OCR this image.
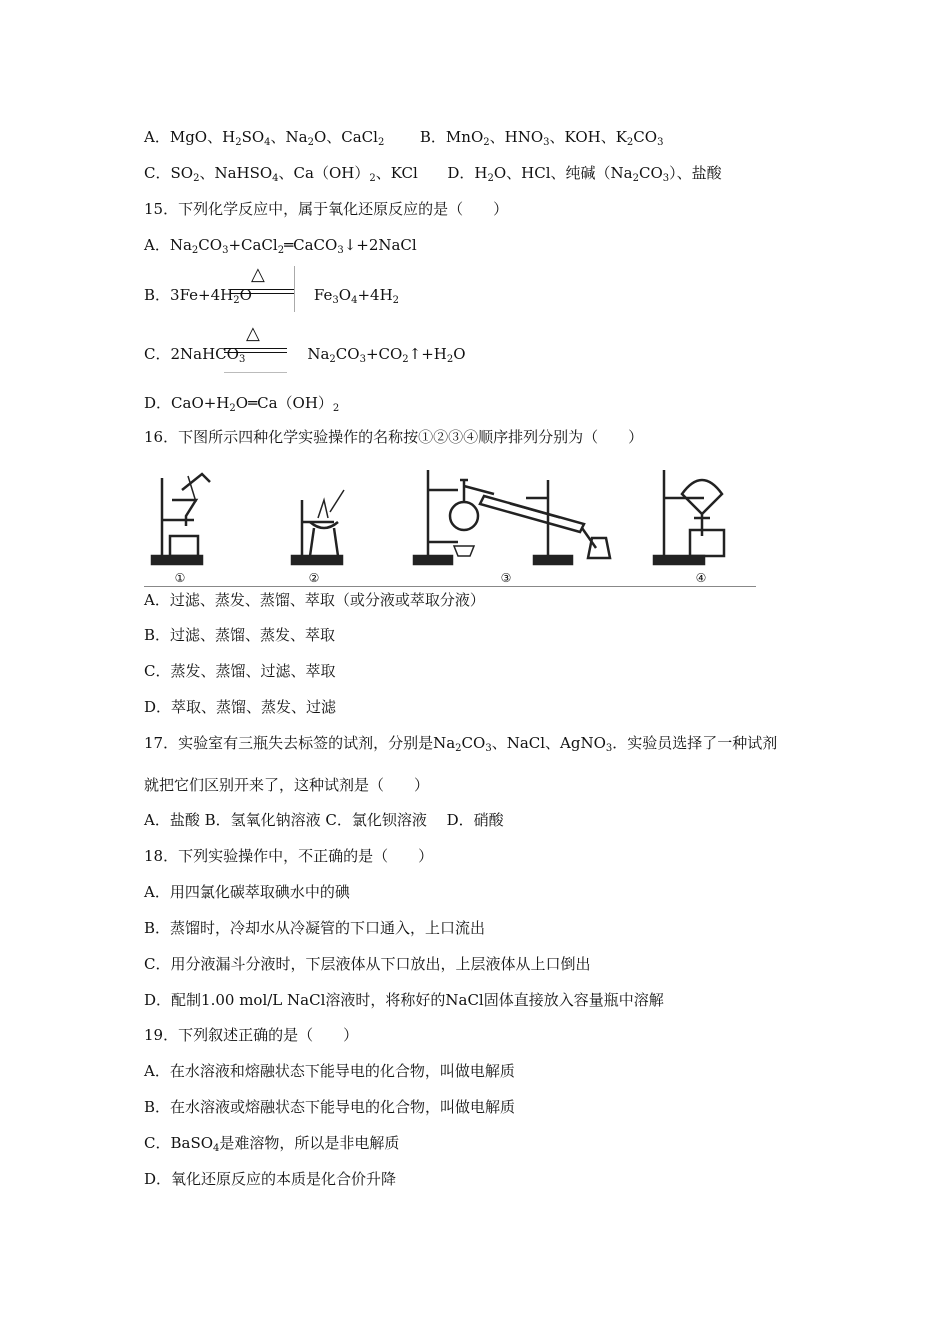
A．MgO、$H_2SO_4$、$Na_2O$、CaCl$_2$ B．MnO$_2$、$HNO_3$、KOH、$K_2CO_3$
C．$SO_2$、NaHSO$_4$、$Ca(OH)_2$、KCl D．$H_2O$、HCl、纯碱$(Na_2CO_3)$、盐酸
15．下列化学反应中，属于氧化还原反应的是（　　）
A．$Na_2CO_3+CaCl_2═CaCO_3↓+2NaCl$
B．$3Fe+4H_2O$	$Fe_3O_4+4H_2$
△
C．2NaHCO$_3$	$Na_2CO_3+CO_2↑+H_2O$
△
D．$CaO+H_2O═Ca(OH)_2$
16．下图所示四种化学实验操作的名称按①②③④顺序排列分别为（　　）
①	②	③	④
A．过滤、蒸发、蒸馏、萃取（或分液或萃取分液）
B．过滤、蒸馏、蒸发、萃取
C．蒸发、蒸馏、过滤、萃取
D．萃取、蒸馏、蒸发、过滤
17．实验室有三瓶失去标签的试剂，分别是$Na_2CO_3$、NaCl、AgNO$_3$．实验员选择了一种试剂
就把它们区别开来了，这种试剂是（　　）
A．盐酸 B．氢氧化钠溶液 C．氯化钡溶液　 D．硝酸
18．下列实验操作中，不正确的是（　　）
A．用四氯化碳萃取碘水中的碘
B．蒸馏时，冷却水从冷凝管的下口通入，上口流出
C．用分液漏斗分液时，下层液体从下口放出，上层液体从上口倒出
D．配制1.00 mol/L NaCl溶液时，将称好的NaCl固体直接放入容量瓶中溶解
19．下列叙述正确的是（　　）
A．在水溶液和熔融状态下能导电的化合物，叫做电解质
B．在水溶液或熔融状态下能导电的化合物，叫做电解质
C．BaSO$_4$是难溶物，所以是非电解质
D．氧化还原反应的本质是化合价升降
